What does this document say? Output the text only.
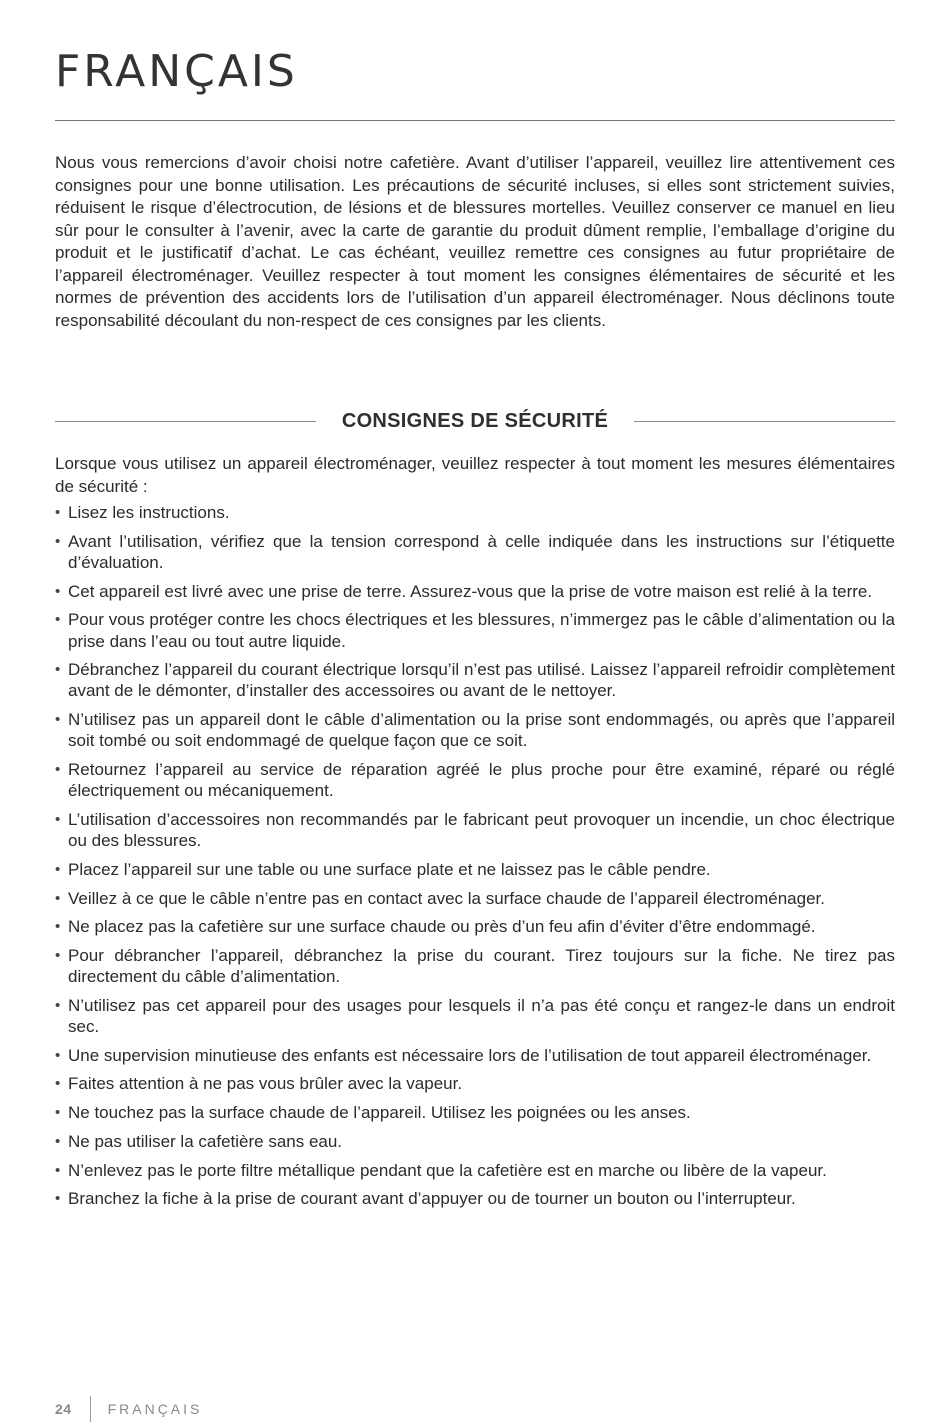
FRANÇAIS

Nous vous remercions d’avoir choisi notre cafetière. Avant d’utiliser l’appareil, veuillez lire attentivement ces consignes pour une bonne utilisation. Les précautions de sécurité incluses, si elles sont strictement suivies, réduisent le risque d’électrocution, de lésions et de blessures mortelles. Veuillez conserver ce manuel en lieu sûr pour le consulter à l’avenir, avec la carte de garantie du produit dûment remplie, l’emballage d’origine du produit et le justificatif d’achat. Le cas échéant, veuillez remettre ces consignes au futur propriétaire de l’appareil électroménager. Veuillez respecter à tout moment les consignes élémentaires de sécurité et les normes de prévention des accidents lors de l’utilisation d’un appareil électroménager. Nous déclinons toute responsabilité découlant du non-respect de ces consignes par les clients.

CONSIGNES DE SÉCURITÉ

Lorsque vous utilisez un appareil électroménager, veuillez respecter à tout moment les mesures élémentaires de sécurité :

• Lisez les instructions.
• Avant l’utilisation, vérifiez que la tension correspond à celle indiquée dans les instructions sur l’étiquette d’évaluation.
• Cet appareil est livré avec une prise de terre. Assurez-vous que la prise de votre maison est relié à la terre.
• Pour vous protéger contre les chocs électriques et les blessures, n’immergez pas le câble d’alimentation ou la prise dans l’eau ou tout autre liquide.
• Débranchez l’appareil du courant électrique lorsqu’il n’est pas utilisé. Laissez l’appareil refroidir complètement avant de le démonter, d’installer des accessoires ou avant de le nettoyer.
• N’utilisez pas un appareil dont le câble d’alimentation ou la prise sont endommagés, ou après que l’appareil soit tombé ou soit endommagé de quelque façon que ce soit.
• Retournez l’appareil au service de réparation agréé le plus proche pour être examiné, réparé ou réglé électriquement ou mécaniquement.
• L’utilisation d’accessoires non recommandés par le fabricant peut provoquer un incendie, un choc électrique ou des blessures.
• Placez l’appareil sur une table ou une surface plate et ne laissez pas le câble pendre.
• Veillez à ce que le câble n’entre pas en contact avec la surface chaude de l’appareil électroménager.
• Ne placez pas la cafetière sur une surface chaude ou près d’un feu afin d’éviter d’être endommagé.
• Pour débrancher l’appareil, débranchez la prise du courant. Tirez toujours sur la fiche. Ne tirez pas directement du câble d’alimentation.
• N’utilisez pas cet appareil pour des usages pour lesquels il n’a pas été conçu et rangez-le dans un endroit sec.
• Une supervision minutieuse des enfants est nécessaire lors de l’utilisation de tout appareil électroménager.
• Faites attention à ne pas vous brûler avec la vapeur.
• Ne touchez pas la surface chaude de l’appareil. Utilisez les poignées ou les anses.
• Ne pas utiliser la cafetière sans eau.
• N’enlevez pas le porte filtre métallique pendant que la cafetière est en marche ou libère de la vapeur.
• Branchez la fiche à la prise de courant avant d’appuyer ou de tourner un bouton ou l’interrupteur.
24	FRANÇAIS
